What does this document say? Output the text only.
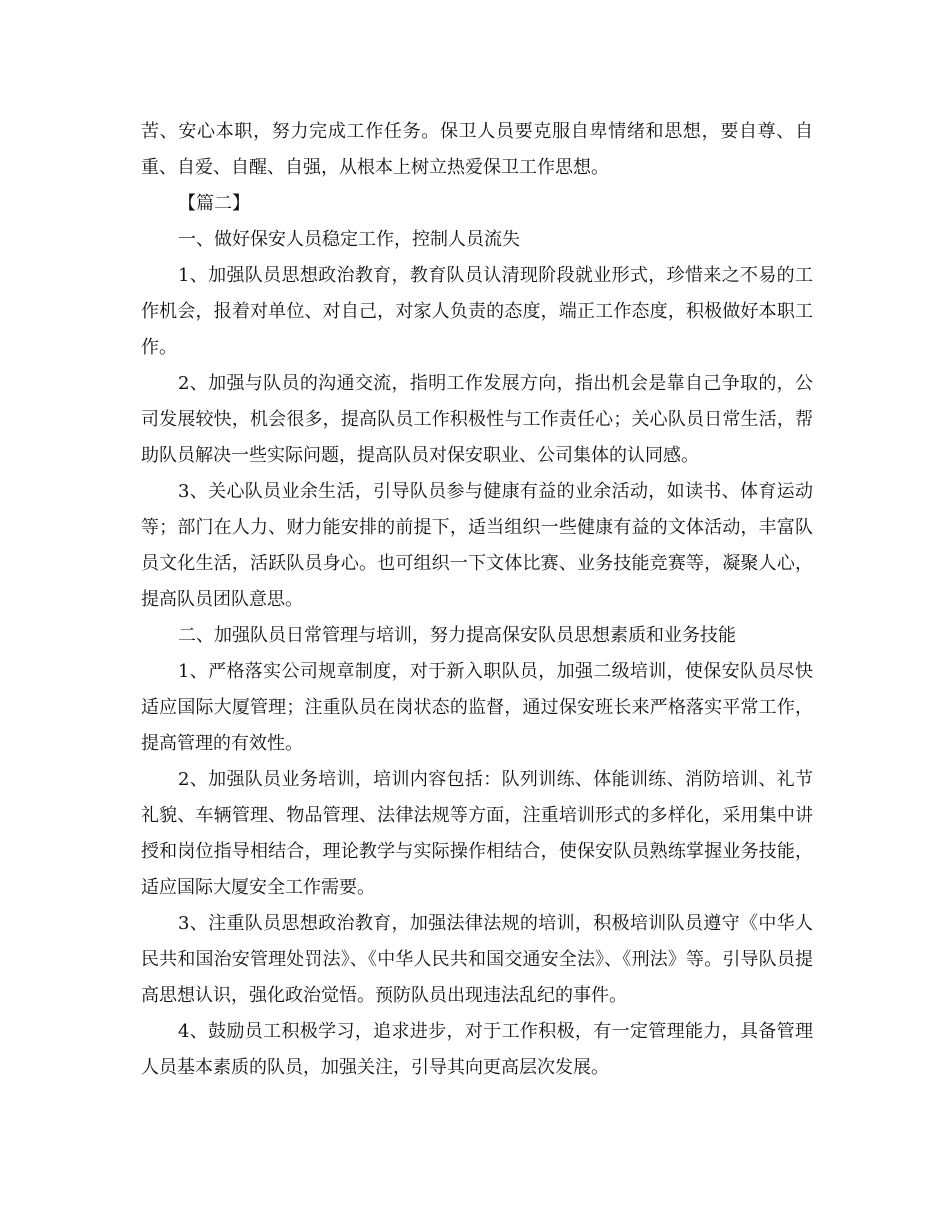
苦、安心本职，努力完成工作任务。保卫人员要克服自卑情绪和思想，要自尊、自重、自爱、自醒、自强，从根本上树立热爱保卫工作思想。

【篇二】

一、做好保安人员稳定工作，控制人员流失

1、加强队员思想政治教育，教育队员认清现阶段就业形式，珍惜来之不易的工作机会，报着对单位、对自己，对家人负责的态度，端正工作态度，积极做好本职工作。

2、加强与队员的沟通交流，指明工作发展方向，指出机会是靠自己争取的，公司发展较快，机会很多，提高队员工作积极性与工作责任心；关心队员日常生活，帮助队员解决一些实际问题，提高队员对保安职业、公司集体的认同感。

3、关心队员业余生活，引导队员参与健康有益的业余活动，如读书、体育运动等；部门在人力、财力能安排的前提下，适当组织一些健康有益的文体活动，丰富队员文化生活，活跃队员身心。也可组织一下文体比赛、业务技能竞赛等，凝聚人心，提高队员团队意思。

二、加强队员日常管理与培训，努力提高保安队员思想素质和业务技能

1、严格落实公司规章制度，对于新入职队员，加强二级培训，使保安队员尽快适应国际大厦管理；注重队员在岗状态的监督，通过保安班长来严格落实平常工作，提高管理的有效性。

2、加强队员业务培训，培训内容包括：队列训练、体能训练、消防培训、礼节礼貌、车辆管理、物品管理、法律法规等方面，注重培训形式的多样化，采用集中讲授和岗位指导相结合，理论教学与实际操作相结合，使保安队员熟练掌握业务技能，适应国际大厦安全工作需要。

3、注重队员思想政治教育，加强法律法规的培训，积极培训队员遵守《中华人民共和国治安管理处罚法》、《中华人民共和国交通安全法》、《刑法》等。引导队员提高思想认识，强化政治觉悟。预防队员出现违法乱纪的事件。

4、鼓励员工积极学习，追求进步，对于工作积极，有一定管理能力，具备管理人员基本素质的队员，加强关注，引导其向更高层次发展。
